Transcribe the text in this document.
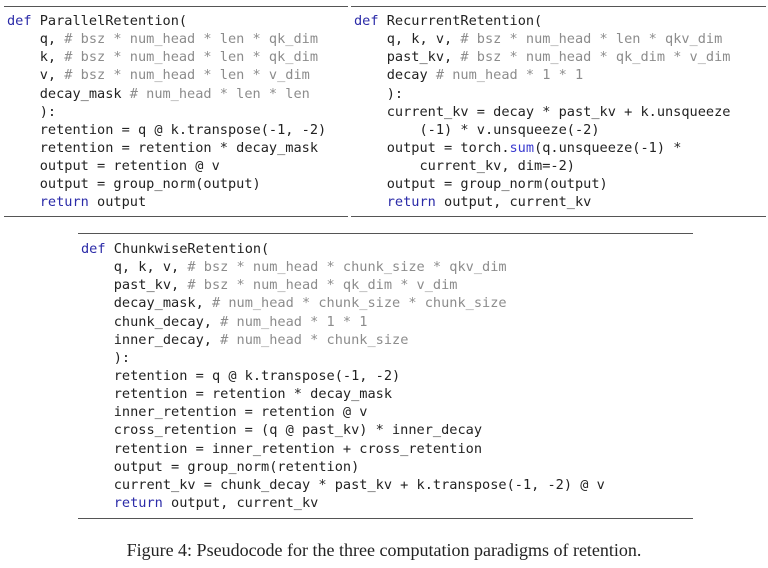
def ParallelRetention(
q, # bsz * num_head * len * qk_dim
k, # bsz * num_head * len * qk_dim
v, # bsz * num_head * len * v_dim
decay_mask # num_head * len * len
):
retention = q @ k.transpose(-1, -2)
retention = retention * decay_mask
output = retention @ v
output = group_norm(output)
return output
def RecurrentRetention(
q, k, v, # bsz * num_head * len * qkv_dim
past_kv, # bsz * num_head * qk_dim * v_dim
decay # num_head * 1 * 1
):
current_kv = decay * past_kv + k.unsqueeze
(-1) * v.unsqueeze(-2)
output = torch.sum(q.unsqueeze(-1) *
current_kv, dim=-2)
output = group_norm(output)
return output, current_kv
def ChunkwiseRetention(
q, k, v, # bsz * num_head * chunk_size * qkv_dim
past_kv, # bsz * num_head * qk_dim * v_dim
decay_mask, # num_head * chunk_size * chunk_size
chunk_decay, # num_head * 1 * 1
inner_decay, # num_head * chunk_size
):
retention = q @ k.transpose(-1, -2)
retention = retention * decay_mask
inner_retention = retention @ v
cross_retention = (q @ past_kv) * inner_decay
retention = inner_retention + cross_retention
output = group_norm(retention)
current_kv = chunk_decay * past_kv + k.transpose(-1, -2) @ v
return output, current_kv
Figure 4: Pseudocode for the three computation paradigms of retention.
